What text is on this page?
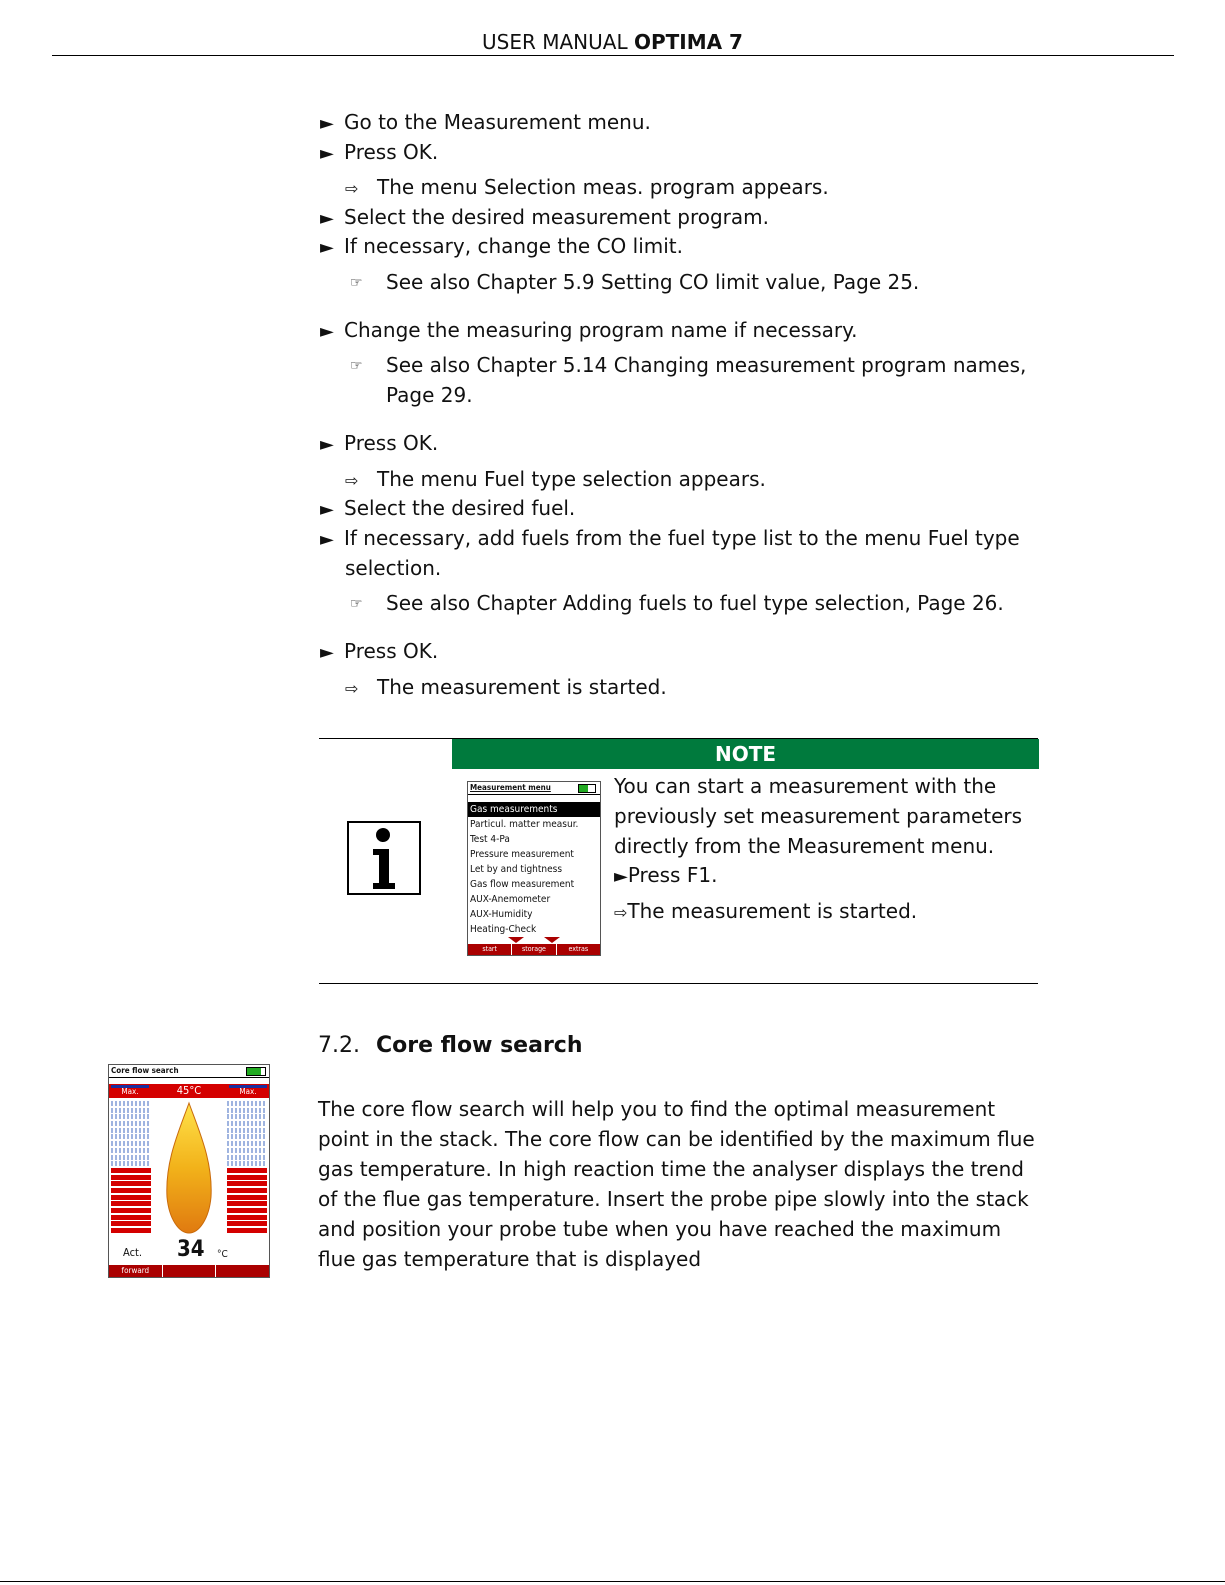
USER MANUAL OPTIMA 7
► Go to the Measurement menu.
► Press OK.
⇨ The menu Selection meas. program appears.
► Select the desired measurement program.
► If necessary, change the CO limit.
☞ See also Chapter 5.9 Setting CO limit value, Page 25.
► Change the measuring program name if necessary.
☞ See also Chapter 5.14 Changing measurement program names,
Page 29.
► Press OK.
⇨ The menu Fuel type selection appears.
► Select the desired fuel.
► If necessary, add fuels from the fuel type list to the menu Fuel type
selection.
☞ See also Chapter Adding fuels to fuel type selection, Page 26.
► Press OK.
⇨ The measurement is started.
NOTE
Measurement menu
Gas measurements
Particul. matter measur.
Test 4-Pa
Pressure measurement
Let by and tightness
Gas flow measurement
AUX-Anemometer
AUX-Humidity
Heating-Check
start	storage	extras
You can start a measurement with the
previously set measurement parameters
directly from the Measurement menu.
►Press F1.
⇨The measurement is started.
Core flow search
Max.	45°C	Max.
Act. 34 °C
forward
7.2. Core flow search
The core flow search will help you to find the optimal measurement point in the stack. The core flow can be identified by the maximum flue gas temperature. In high reaction time the analyser displays the trend of the flue gas temperature. Insert the probe pipe slowly into the stack and position your probe tube when you have reached the maximum flue gas temperature that is displayed
